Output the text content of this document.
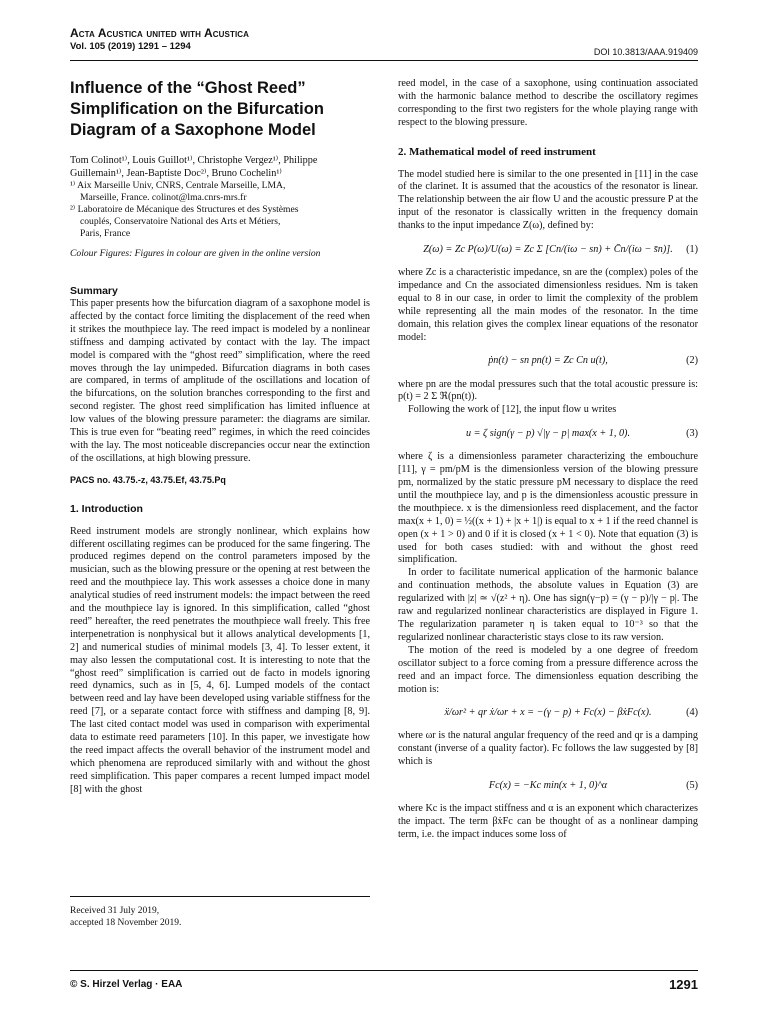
Acta Acustica united with Acustica
Vol. 105 (2019) 1291 – 1294	DOI 10.3813/AAA.919409
Influence of the “Ghost Reed” Simplification on the Bifurcation Diagram of a Saxophone Model

Tom Colinot¹⁾, Louis Guillot¹⁾, Christophe Vergez¹⁾, Philippe

Guillemain¹⁾, Jean-Baptiste Doc²⁾, Bruno Cochelin¹⁾

¹⁾ Aix Marseille Univ, CNRS, Centrale Marseille, LMA,

Marseille, France. colinot@lma.cnrs-mrs.fr

²⁾ Laboratoire de Mécanique des Structures et des Systèmes

couplés, Conservatoire National des Arts et Métiers,

Paris, France

Colour Figures: Figures in colour are given in the online version

Summary

This paper presents how the bifurcation diagram of a saxophone model is affected by the contact force limiting the displacement of the reed when it strikes the mouthpiece lay. The reed impact is modeled by a nonlinear stiffness and damping activated by contact with the lay. The impact model is compared with the “ghost reed” simplification, where the reed moves through the lay unimpeded. Bifurcation diagrams in both cases are compared, in terms of amplitude of the oscillations and location of the bifurcations, on the solution branches corresponding to the first and second register. The ghost reed simplification has limited influence at low values of the blowing pressure parameter: the diagrams are similar. This is true even for “beating reed” regimes, in which the reed coincides with the lay. The most noticeable discrepancies occur near the extinction of the oscillations, at high blowing pressure.

PACS no. 43.75.-z, 43.75.Ef, 43.75.Pq
1. Introduction

Reed instrument models are strongly nonlinear, which explains how different oscillating regimes can be produced for the same fingering. The produced regimes depend on the control parameters imposed by the musician, such as the blowing pressure or the opening at rest between the reed and the mouthpiece lay. This work assesses a choice done in many analytical studies of reed instrument models: the impact between the reed and the mouthpiece lay is ignored. In this simplification, called “ghost reed” hereafter, the reed penetrates the mouthpiece wall freely. This free interpenetration is nonphysical but it allows analytical developments [1, 2] and numerical studies of minimal models [3, 4]. To lesser extent, it may also lessen the computational cost. It is interesting to note that the “ghost reed” simplification is carried out de facto in models ignoring reed dynamics, such as in [5, 4, 6]. Lumped models of the contact between reed and lay have been developed using variable stiffness for the reed [7], or a separate contact force with stiffness and damping [8, 9]. The last cited contact model was used in comparison with experimental data to estimate reed parameters [10]. In this paper, we investigate how the reed impact affects the overall behavior of the instrument model and which phenomena are reproduced similarly with and without the ghost reed simplification. This paper compares a recent lumped impact model [8] with the ghost

reed model, in the case of a saxophone, using continuation associated with the harmonic balance method to describe the oscillatory regimes corresponding to the first two registers for the whole playing range with respect to the blowing pressure.

2. Mathematical model of reed instrument

The model studied here is similar to the one presented in [11] in the case of the clarinet. It is assumed that the acoustics of the resonator is linear. The relationship between the air flow U and the acoustic pressure P at the input of the resonator is classically written in the frequency domain thanks to the input impedance Z(ω), defined by:

Z(ω) = Zc P(ω)/U(ω) = Zc Σ [Cn/(iω − sn) + C̄n/(iω − s̄n)]. (1)

where Zc is a characteristic impedance, sn are the (complex) poles of the impedance and Cn the associated dimensionless residues. Nm is taken equal to 8 in our case, in order to limit the complexity of the problem while representing all the main modes of the resonator. In the time domain, this relation gives the complex linear equations of the resonator model:

ṗn(t) − sn pn(t) = Zc Cn u(t),	(2)

where pn are the modal pressures such that the total acoustic pressure is: p(t) = 2 Σ ℜ(pn(t)).

Following the work of [12], the input flow u writes

u = ζ sign(γ − p) √|γ − p| max(x + 1, 0).	(3)

where ζ is a dimensionless parameter characterizing the embouchure [11], γ = pm/pM is the dimensionless version of the blowing pressure pm, normalized by the static pressure pM necessary to displace the reed until the mouthpiece lay, and p is the dimensionless acoustic pressure in the mouthpiece. x is the dimensionless reed displacement, and the factor max(x + 1, 0) = ½((x + 1) + |x + 1|) is equal to x + 1 if the reed channel is open (x + 1 > 0) and 0 if it is closed (x + 1 < 0). Note that equation (3) is used for both cases studied: with and without the ghost reed simplification.

In order to facilitate numerical application of the harmonic balance and continuation methods, the absolute values in Equation (3) are regularized with |z| ≃ √(z² + η). One has sign(γ−p) = (γ − p)/|γ − p|. The raw and regularized nonlinear characteristics are displayed in Figure 1. The regularization parameter η is taken equal to 10⁻³ so that the regularized nonlinear characteristic stays close to its raw version.

The motion of the reed is modeled by a one degree of freedom oscillator subject to a force coming from a pressure difference across the reed and an impact force. The dimensionless equation describing the motion is:

ẍ/ωr² + qr ẋ/ωr + x = −(γ − p) + Fc(x) − βẋFc(x).	(4)

where ωr is the natural angular frequency of the reed and qr is a damping constant (inverse of a quality factor). Fc follows the law suggested by [8] which is

Fc(x) = −Kc min(x + 1, 0)^α	(5)

where Kc is the impact stiffness and α is an exponent which characterizes the impact. The term βẋFc can be thought of as a nonlinear damping term, i.e. the impact induces some loss of

Received 31 July 2019,
accepted 18 November 2019.
© S. Hirzel Verlag · EAA	1291
